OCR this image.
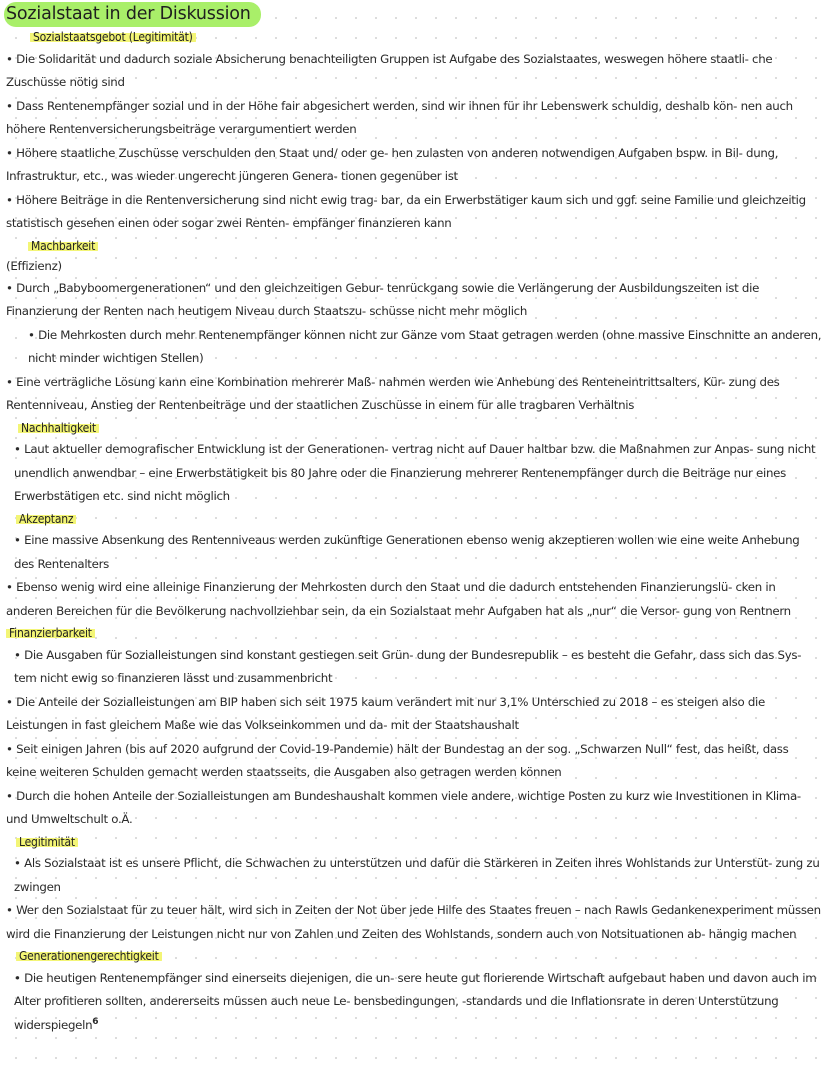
Sozialstaat in der Diskussion
Sozialstaatsgebot (Legitimität)

• Die Solidarität und dadurch soziale Absicherung benachteiligten Gruppen ist Aufgabe des Sozialstaates, weswegen höhere staatli- che Zuschüsse nötig sind

• Dass Rentenempfänger sozial und in der Höhe fair abgesichert werden, sind wir ihnen für ihr Lebenswerk schuldig, deshalb kön- nen auch höhere Rentenversicherungsbeiträge verargumentiert werden

• Höhere staatliche Zuschüsse verschulden den Staat und/ oder ge- hen zulasten von anderen notwendigen Aufgaben bspw. in Bil- dung, Infrastruktur, etc., was wieder ungerecht jüngeren Genera- tionen gegenüber ist

• Höhere Beiträge in die Rentenversicherung sind nicht ewig trag- bar, da ein Erwerbstätiger kaum sich und ggf. seine Familie und gleichzeitig statistisch gesehen einen oder sogar zwei Renten- empfänger finanzieren kann

Machbarkeit
(Effizienz)

• Durch „Babyboomergenerationen“ und den gleichzeitigen Gebur- tenrückgang sowie die Verlängerung der Ausbildungszeiten ist die Finanzierung der Renten nach heutigem Niveau durch Staatszu- schüsse nicht mehr möglich

• Die Mehrkosten durch mehr Rentenempfänger können nicht zur Gänze vom Staat getragen werden (ohne massive Einschnitte an anderen, nicht minder wichtigen Stellen)

• Eine verträgliche Lösung kann eine Kombination mehrerer Maß- nahmen werden wie Anhebung des Renteneintrittsalters, Kür- zung des Rentenniveau, Anstieg der Rentenbeiträge und der staatlichen Zuschüsse in einem für alle tragbaren Verhältnis

Nachhaltigkeit

• Laut aktueller demografischer Entwicklung ist der Generationen- vertrag nicht auf Dauer haltbar bzw. die Maßnahmen zur Anpas- sung nicht unendlich anwendbar – eine Erwerbstätigkeit bis 80 Jahre oder die Finanzierung mehrerer Rentenempfänger durch die Beiträge nur eines Erwerbstätigen etc. sind nicht möglich

Akzeptanz

• Eine massive Absenkung des Rentenniveaus werden zukünftige Generationen ebenso wenig akzeptieren wollen wie eine weite Anhebung des Rentenalters

• Ebenso wenig wird eine alleinige Finanzierung der Mehrkosten durch den Staat und die dadurch entstehenden Finanzierungslü- cken in anderen Bereichen für die Bevölkerung nachvollziehbar sein, da ein Sozialstaat mehr Aufgaben hat als „nur“ die Versor- gung von Rentnern

Finanzierbarkeit

• Die Ausgaben für Sozialleistungen sind konstant gestiegen seit Grün- dung der Bundesrepublik – es besteht die Gefahr, dass sich das Sys- tem nicht ewig so finanzieren lässt und zusammenbricht

• Die Anteile der Sozialleistungen am BIP haben sich seit 1975 kaum verändert mit nur 3,1% Unterschied zu 2018 – es steigen also die Leistungen in fast gleichem Maße wie das Volkseinkommen und da- mit der Staatshaushalt

• Seit einigen Jahren (bis auf 2020 aufgrund der Covid-19-Pandemie) hält der Bundestag an der sog. „Schwarzen Null“ fest, das heißt, dass keine weiteren Schulden gemacht werden staatsseits, die Ausgaben also getragen werden können

• Durch die hohen Anteile der Sozialleistungen am Bundeshaushalt kommen viele andere, wichtige Posten zu kurz wie Investitionen in Klima- und Umweltschult o.Ä.

Legitimität

• Als Sozialstaat ist es unsere Pflicht, die Schwachen zu unterstützen und dafür die Stärkeren in Zeiten ihres Wohlstands zur Unterstüt- zung zu zwingen

• Wer den Sozialstaat für zu teuer hält, wird sich in Zeiten der Not über jede Hilfe des Staates freuen – nach Rawls Gedankenexperiment müssen wird die Finanzierung der Leistungen nicht nur von Zahlen und Zeiten des Wohlstands, sondern auch von Notsituationen ab- hängig machen

Generationengerechtigkeit

• Die heutigen Rentenempfänger sind einerseits diejenigen, die un- sere heute gut florierende Wirtschaft aufgebaut haben und davon auch im Alter profitieren sollten, andererseits müssen auch neue Le- bensbedingungen, -standards und die Inflationsrate in deren Unterstützung widerspiegeln$^6$
